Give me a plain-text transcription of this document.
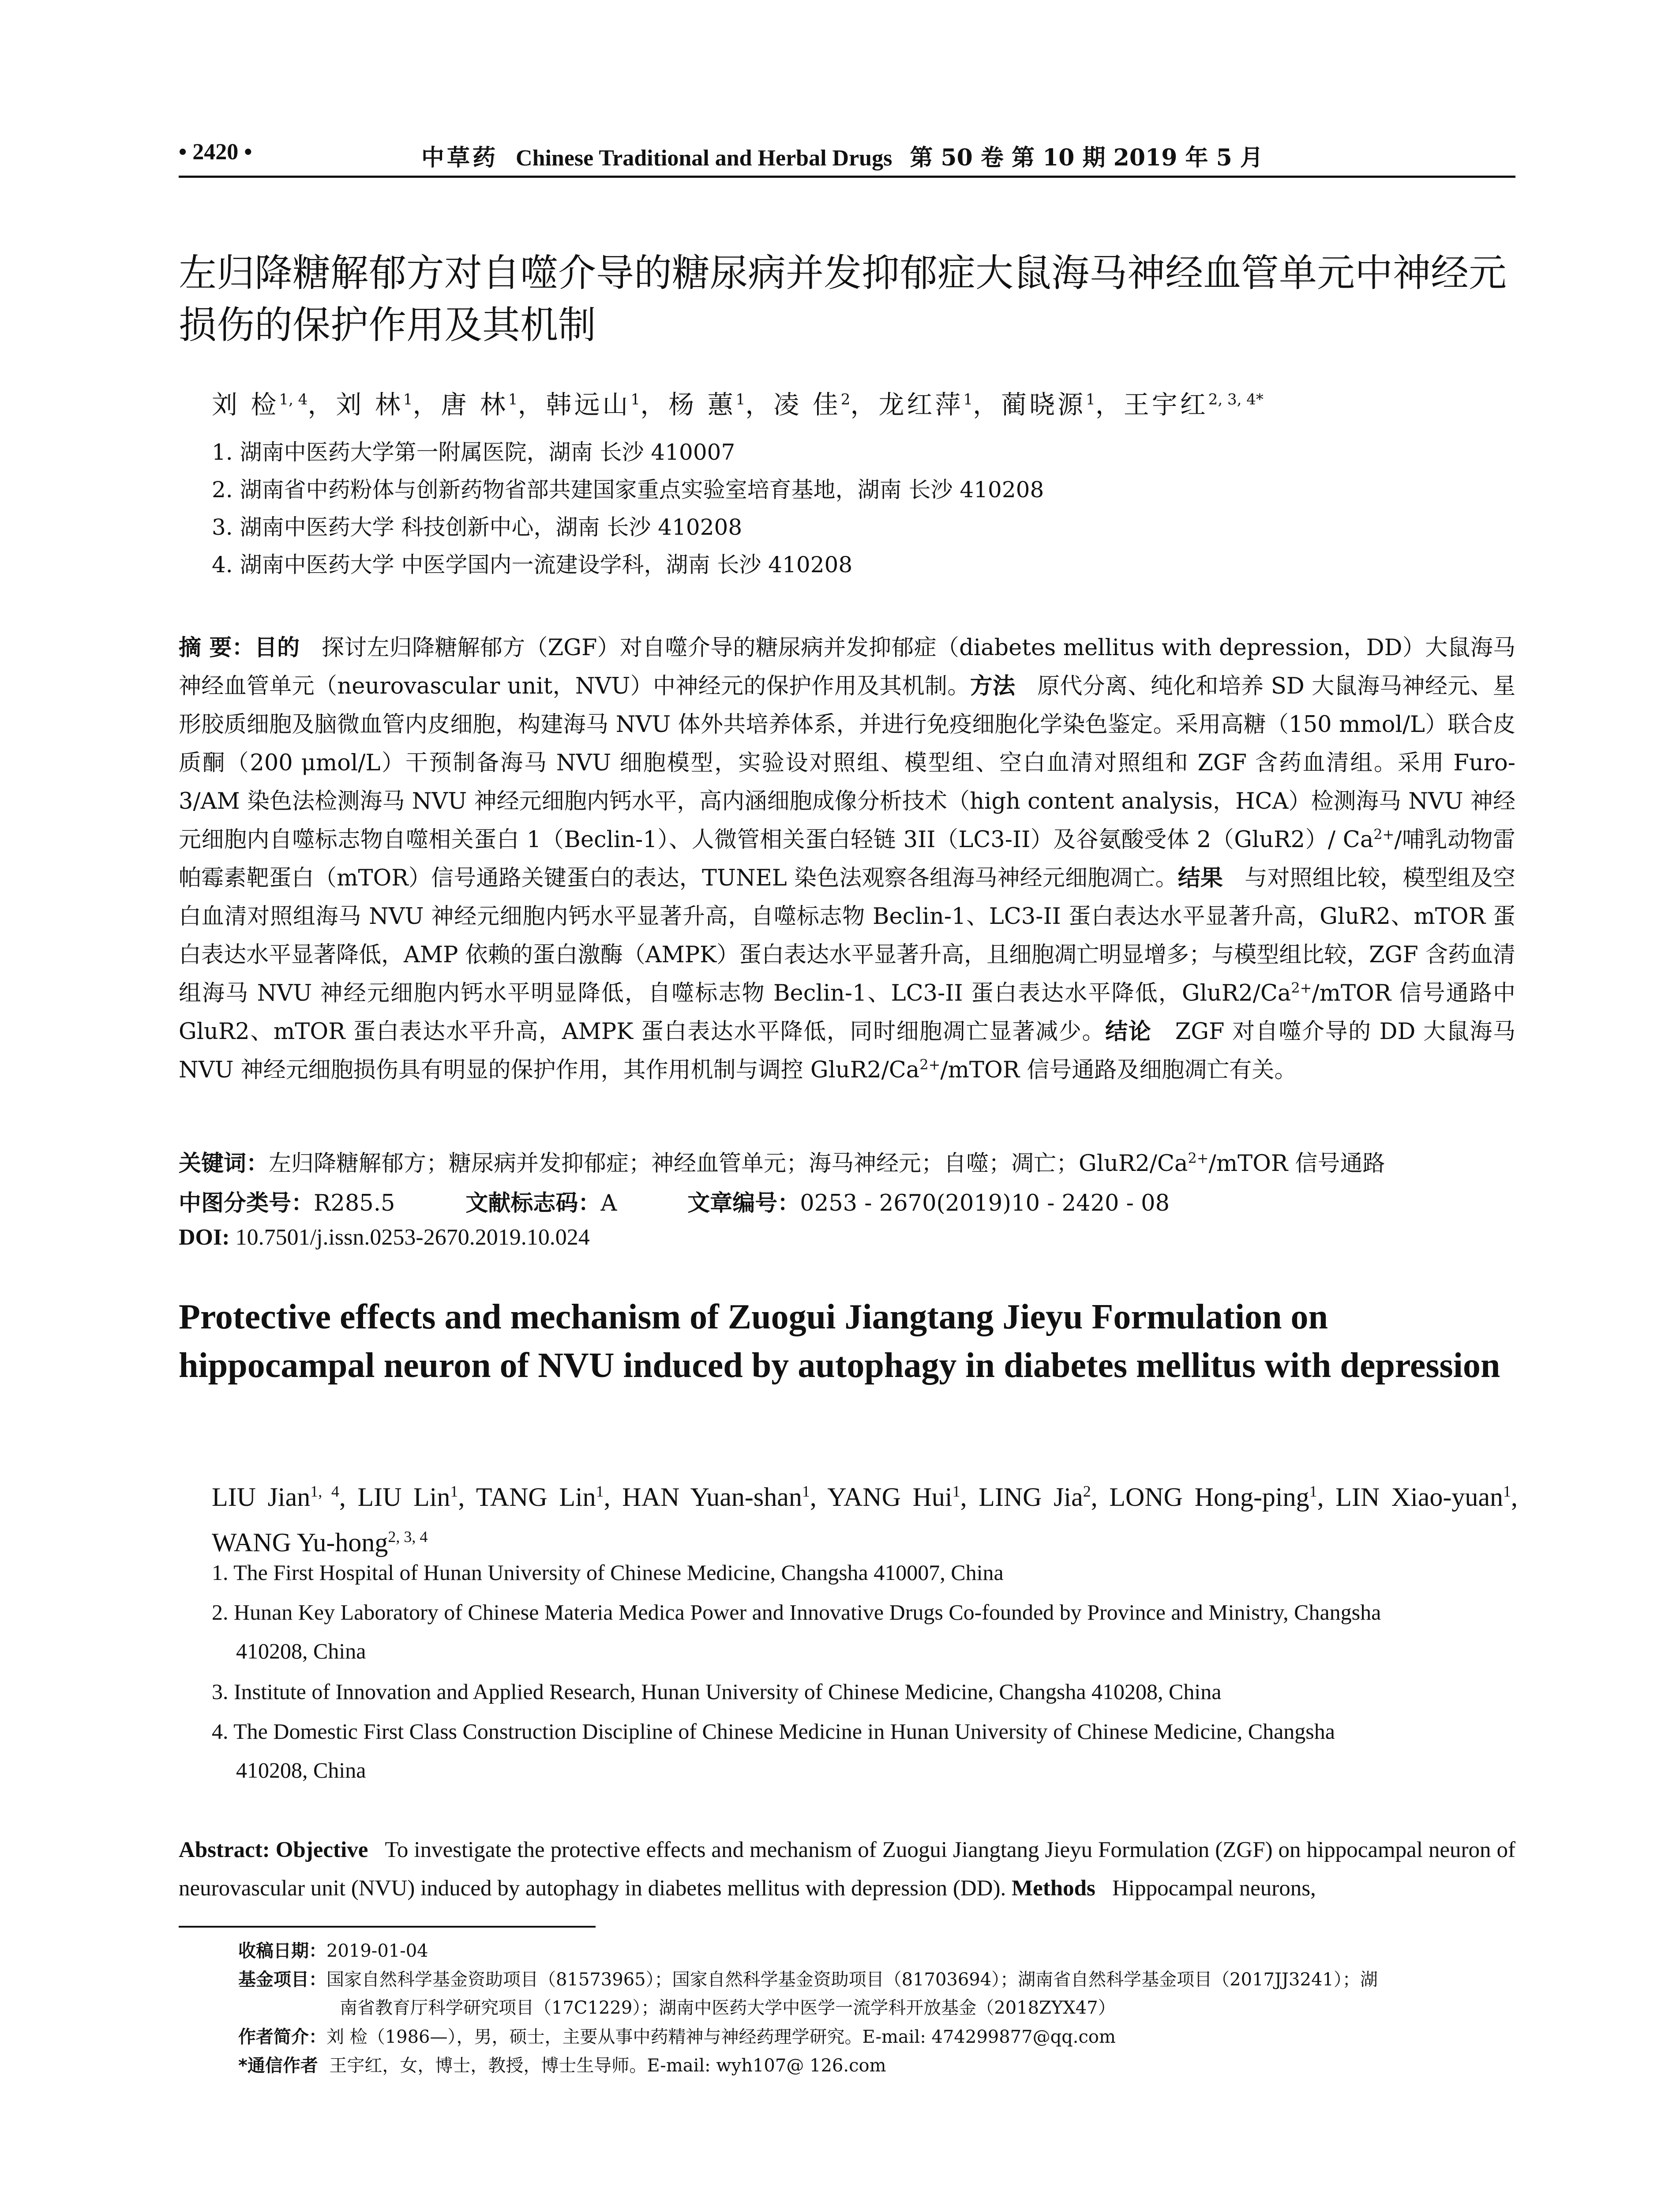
• 2420 •	中草药 Chinese Traditional and Herbal Drugs 第 50 卷 第 10 期 2019 年 5 月
左归降糖解郁方对自噬介导的糖尿病并发抑郁症大鼠海马神经血管单元中神经元损伤的保护作用及其机制
刘 检$^{1, 4}$，刘 林$^1$，唐 林$^1$，韩远山$^1$，杨 蕙$^1$，凌 佳$^2$，龙红萍$^1$，蔺晓源$^1$，王宇红$^{2, 3, 4*}$
1. 湖南中医药大学第一附属医院，湖南 长沙 410007
2. 湖南省中药粉体与创新药物省部共建国家重点实验室培育基地，湖南 长沙 410208
3. 湖南中医药大学 科技创新中心，湖南 长沙 410208
4. 湖南中医药大学 中医学国内一流建设学科，湖南 长沙 410208
摘 要：目的 探讨左归降糖解郁方（ZGF）对自噬介导的糖尿病并发抑郁症（diabetes mellitus with depression，DD）大鼠海马神经血管单元（neurovascular unit，NVU）中神经元的保护作用及其机制。方法 原代分离、纯化和培养 SD 大鼠海马神经元、星形胶质细胞及脑微血管内皮细胞，构建海马 NVU 体外共培养体系，并进行免疫细胞化学染色鉴定。采用高糖（150 mmol/L）联合皮质酮（200 μmol/L）干预制备海马 NVU 细胞模型，实验设对照组、模型组、空白血清对照组和 ZGF 含药血清组。采用 Furo-3/AM 染色法检测海马 NVU 神经元细胞内钙水平，高内涵细胞成像分析技术（high content analysis，HCA）检测海马 NVU 神经元细胞内自噬标志物自噬相关蛋白 1（Beclin-1）、人微管相关蛋白轻链 3II（LC3-II）及谷氨酸受体 2（GluR2）/ $Ca^{2+}/$哺乳动物雷帕霉素靶蛋白（mTOR）信号通路关键蛋白的表达，TUNEL 染色法观察各组海马神经元细胞凋亡。结果 与对照组比较，模型组及空白血清对照组海马 NVU 神经元细胞内钙水平显著升高，自噬标志物 Beclin-1、LC3-II 蛋白表达水平显著升高，GluR2、mTOR 蛋白表达水平显著降低，AMP 依赖的蛋白激酶（AMPK）蛋白表达水平显著升高，且细胞凋亡明显增多；与模型组比较，ZGF 含药血清组海马 NVU 神经元细胞内钙水平明显降低，自噬标志物 Beclin-1、LC3-II 蛋白表达水平降低，$GluR2/Ca^{2+}$/mTOR 信号通路中 GluR2、mTOR 蛋白表达水平升高，AMPK 蛋白表达水平降低，同时细胞凋亡显著减少。结论 ZGF 对自噬介导的 DD 大鼠海马 NVU 神经元细胞损伤具有明显的保护作用，其作用机制与调控 $GluR2/Ca^{2+}$/mTOR 信号通路及细胞凋亡有关。
关键词：左归降糖解郁方；糖尿病并发抑郁症；神经血管单元；海马神经元；自噬；凋亡；$GluR2/Ca^{2+}$/mTOR 信号通路
中图分类号：R285.5	文献标志码：A	文章编号：0253 - 2670(2019)10 - 2420 - 08
DOI: 10.7501/j.issn.0253-2670.2019.10.024
Protective effects and mechanism of Zuogui Jiangtang Jieyu Formulation on hippocampal neuron of NVU induced by autophagy in diabetes mellitus with depression
LIU Jian$^{1, 4}$, LIU Lin$^1$, TANG Lin$^1$, HAN Yuan-shan$^1$, YANG Hui$^1$, LING Jia$^2$, LONG Hong-ping$^1$, LIN Xiao-yuan$^1$, WANG Yu-hong$^{2, 3, 4}$
1. The First Hospital of Hunan University of Chinese Medicine, Changsha 410007, China
2. Hunan Key Laboratory of Chinese Materia Medica Power and Innovative Drugs Co-founded by Province and Ministry, Changsha
410208, China
3. Institute of Innovation and Applied Research, Hunan University of Chinese Medicine, Changsha 410208, China
4. The Domestic First Class Construction Discipline of Chinese Medicine in Hunan University of Chinese Medicine, Changsha
410208, China
Abstract: Objective To investigate the protective effects and mechanism of Zuogui Jiangtang Jieyu Formulation (ZGF) on hippocampal neuron of neurovascular unit (NVU) induced by autophagy in diabetes mellitus with depression (DD). Methods Hippocampal neurons,
收稿日期：2019-01-04
基金项目：国家自然科学基金资助项目（81573965）；国家自然科学基金资助项目（81703694）；湖南省自然科学基金项目（2017JJ3241）；湖
南省教育厅科学研究项目（17C1229）；湖南中医药大学中医学一流学科开放基金（2018ZYX47）
作者简介：刘 检（1986—），男，硕士，主要从事中药精神与神经药理学研究。E-mail: 474299877@qq.com
*通信作者 王宇红，女，博士，教授，博士生导师。E-mail: wyh107@ 126.com
